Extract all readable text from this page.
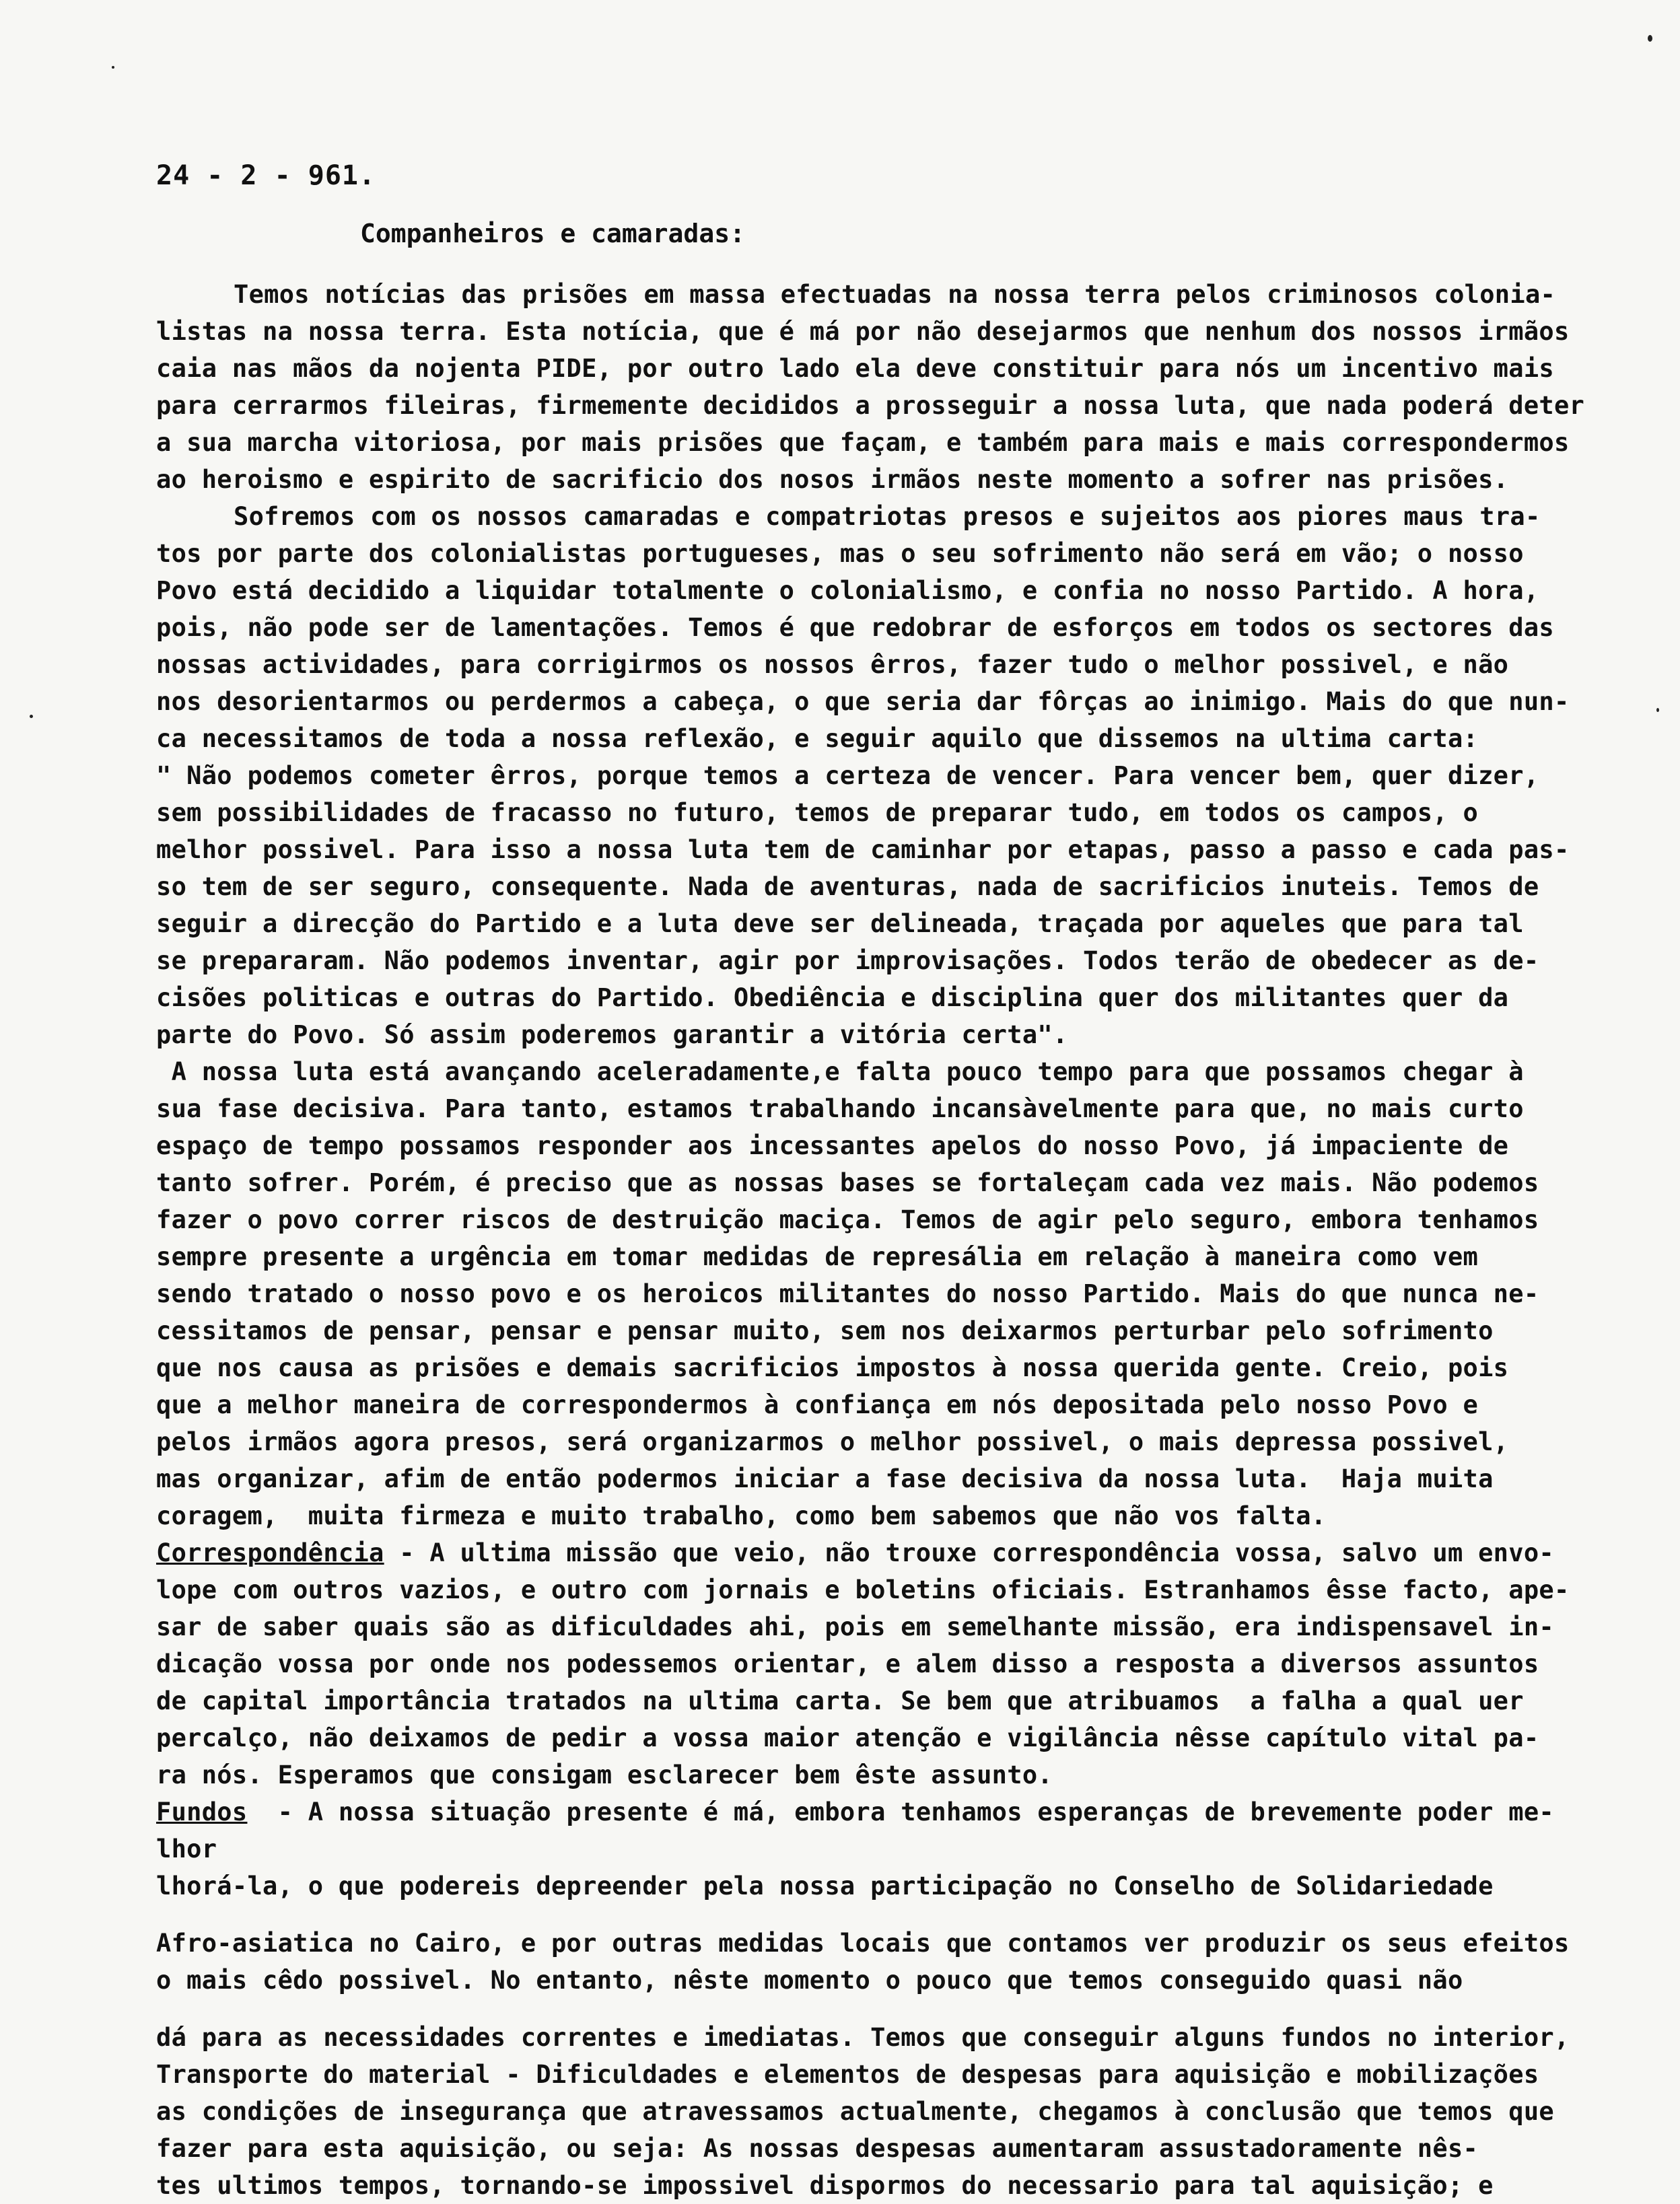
24 - 2 - 961.
Companheiros e camaradas:
Temos notícias das prisões em massa efectuadas na nossa terra pelos criminosos colonia-
listas na nossa terra. Esta notícia, que é má por não desejarmos que nenhum dos nossos irmãos
caia nas mãos da nojenta PIDE, por outro lado ela deve constituir para nós um incentivo mais
para cerrarmos fileiras, firmemente decididos a prosseguir a nossa luta, que nada poderá deter
a sua marcha vitoriosa, por mais prisões que façam, e também para mais e mais correspondermos
ao heroismo e espirito de sacrificio dos nosos irmãos neste momento a sofrer nas prisões.
Sofremos com os nossos camaradas e compatriotas presos e sujeitos aos piores maus tra-
tos por parte dos colonialistas portugueses, mas o seu sofrimento não será em vão; o nosso
Povo está decidido a liquidar totalmente o colonialismo, e confia no nosso Partido. A hora,
pois, não pode ser de lamentações. Temos é que redobrar de esforços em todos os sectores das
nossas actividades, para corrigirmos os nossos êrros, fazer tudo o melhor possivel, e não
nos desorientarmos ou perdermos a cabeça, o que seria dar fôrças ao inimigo. Mais do que nun-
ca necessitamos de toda a nossa reflexão, e seguir aquilo que dissemos na ultima carta:
" Não podemos cometer êrros, porque temos a certeza de vencer. Para vencer bem, quer dizer,
sem possibilidades de fracasso no futuro, temos de preparar tudo, em todos os campos, o
melhor possivel. Para isso a nossa luta tem de caminhar por etapas, passo a passo e cada pas-
so tem de ser seguro, consequente. Nada de aventuras, nada de sacrificios inuteis. Temos de
seguir a direcção do Partido e a luta deve ser delineada, traçada por aqueles que para tal
se prepararam. Não podemos inventar, agir por improvisações. Todos terão de obedecer as de-
cisões politicas e outras do Partido. Obediência e disciplina quer dos militantes quer da
parte do Povo. Só assim poderemos garantir a vitória certa".
A nossa luta está avançando aceleradamente,e falta pouco tempo para que possamos chegar à
sua fase decisiva. Para tanto, estamos trabalhando incansàvelmente para que, no mais curto
espaço de tempo possamos responder aos incessantes apelos do nosso Povo, já impaciente de
tanto sofrer. Porém, é preciso que as nossas bases se fortaleçam cada vez mais. Não podemos
fazer o povo correr riscos de destruição maciça. Temos de agir pelo seguro, embora tenhamos
sempre presente a urgência em tomar medidas de represália em relação à maneira como vem
sendo tratado o nosso povo e os heroicos militantes do nosso Partido. Mais do que nunca ne-
cessitamos de pensar, pensar e pensar muito, sem nos deixarmos perturbar pelo sofrimento
que nos causa as prisões e demais sacrificios impostos à nossa querida gente. Creio, pois
que a melhor maneira de correspondermos à confiança em nós depositada pelo nosso Povo e
pelos irmãos agora presos, será organizarmos o melhor possivel, o mais depressa possivel,
mas organizar, afim de então podermos iniciar a fase decisiva da nossa luta.  Haja muita
coragem,  muita firmeza e muito trabalho, como bem sabemos que não vos falta.
Correspondência - A ultima missão que veio, não trouxe correspondência vossa, salvo um envo-
lope com outros vazios, e outro com jornais e boletins oficiais. Estranhamos êsse facto, ape-
sar de saber quais são as dificuldades ahi, pois em semelhante missão, era indispensavel in-
dicação vossa por onde nos podessemos orientar, e alem disso a resposta a diversos assuntos
de capital importância tratados na ultima carta. Se bem que atribuamos  a falha a qual uer
percalço, não deixamos de pedir a vossa maior atenção e vigilância nêsse capítulo vital pa-
ra nós. Esperamos que consigam esclarecer bem êste assunto.
Fundos  - A nossa situação presente é má, embora tenhamos esperanças de brevemente poder me-
lhor
lhorá-la, o que podereis depreender pela nossa participação no Conselho de Solidariedade
Afro-asiatica no Cairo, e por outras medidas locais que contamos ver produzir os seus efeitos
o mais cêdo possivel. No entanto, nêste momento o pouco que temos conseguido quasi não
dá para as necessidades correntes e imediatas. Temos que conseguir alguns fundos no interior,
Transporte do material - Dificuldades e elementos de despesas para aquisição e mobilizações
as condições de insegurança que atravessamos actualmente, chegamos à conclusão que temos que
fazer para esta aquisição, ou seja: As nossas despesas aumentaram assustadoramente nês-
tes ultimos tempos, tornando-se impossivel dispormos do necessario para tal aquisição; e
